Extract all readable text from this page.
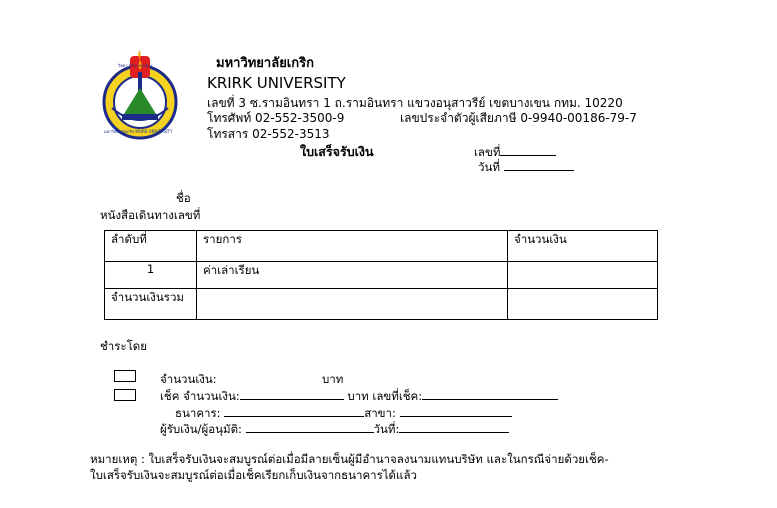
วิทยา จริยะ ทรงคุณ
มหาวิทยาลัยเกริก KRIRK UNIVERSITY
มหาวิทยาลัยเกริก
KRIRK UNIVERSITY
เลขที่ 3 ซ.รามอินทรา 1 ถ.รามอินทรา แขวงอนุสาวรีย์ เขตบางเขน กทม. 10220
โทรศัพท์ 02-552-3500-9	เลขประจำตัวผู้เสียภาษี 0-9940-00186-79-7
โทรสาร 02-552-3513
ใบเสร็จรับเงิน	เลขที่
วันที่
ชื่อ
หนังสือเดินทางเลขที่
ลำดับที่	รายการ	จำนวนเงิน
1	ค่าเล่าเรียน	
จำนวนเงินรวม		
ชำระโดย
จำนวนเงิน:	บาท
เช็ค จำนวนเงิน:	บาท เลขที่เช็ค:
ธนาคาร:	สาขา:
ผู้รับเงิน/ผู้อนุมัติ:	วันที่:
หมายเหตุ : ใบเสร็จรับเงินจะสมบูรณ์ต่อเมื่อมีลายเซ็นผู้มีอำนาจลงนามแทนบริษัท และในกรณีจ่ายด้วยเช็ค-
ใบเสร็จรับเงินจะสมบูรณ์ต่อเมื่อเช็คเรียกเก็บเงินจากธนาคารได้แล้ว
